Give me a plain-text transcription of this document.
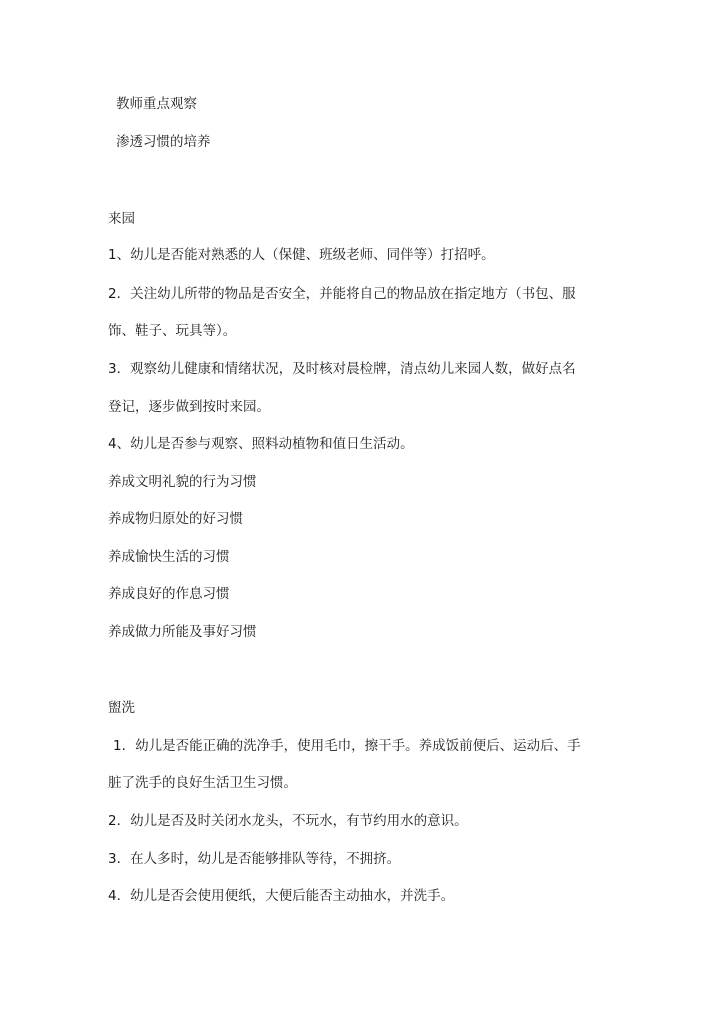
教师重点观察
渗透习惯的培养
来园
1、幼儿是否能对熟悉的人（保健、班级老师、同伴等）打招呼。
2．关注幼儿所带的物品是否安全，并能将自己的物品放在指定地方（书包、服
饰、鞋子、玩具等）。
3．观察幼儿健康和情绪状况，及时核对晨检牌，清点幼儿来园人数，做好点名
登记，逐步做到按时来园。
4、幼儿是否参与观察、照料动植物和值日生活动。
养成文明礼貌的行为习惯
养成物归原处的好习惯
养成愉快生活的习惯
养成良好的作息习惯
养成做力所能及事好习惯
盥洗
1．幼儿是否能正确的洗净手，使用毛巾，擦干手。养成饭前便后、运动后、手
脏了洗手的良好生活卫生习惯。
2．幼儿是否及时关闭水龙头，不玩水，有节约用水的意识。
3．在人多时，幼儿是否能够排队等待，不拥挤。
4．幼儿是否会使用便纸，大便后能否主动抽水，并洗手。
